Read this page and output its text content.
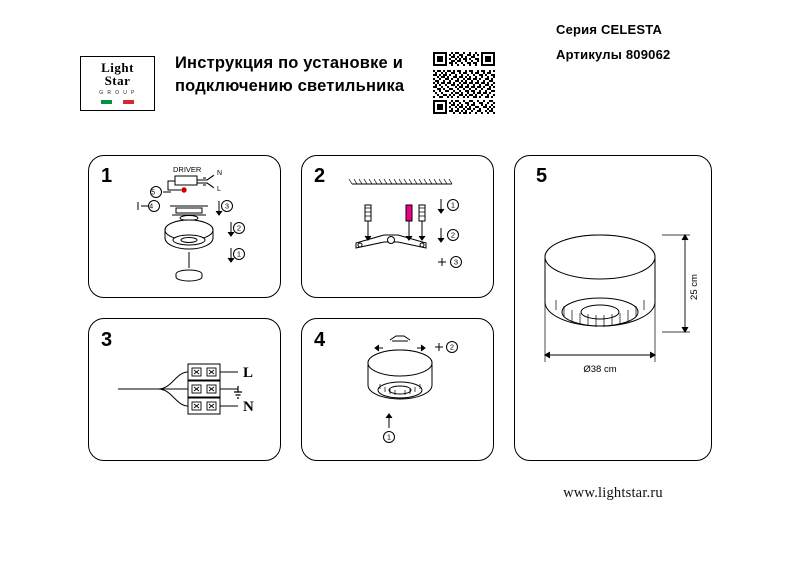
Light
Star
G R O U P
Инструкция по установке и
подключению светильника
Серия CELESTA
Артикулы 809062
1	DRIVER N
L
5
4	3
2
1
2
1
2
3
3
L
N
4	2
1
5
25 cm
Ø38 cm
www.lightstar.ru
